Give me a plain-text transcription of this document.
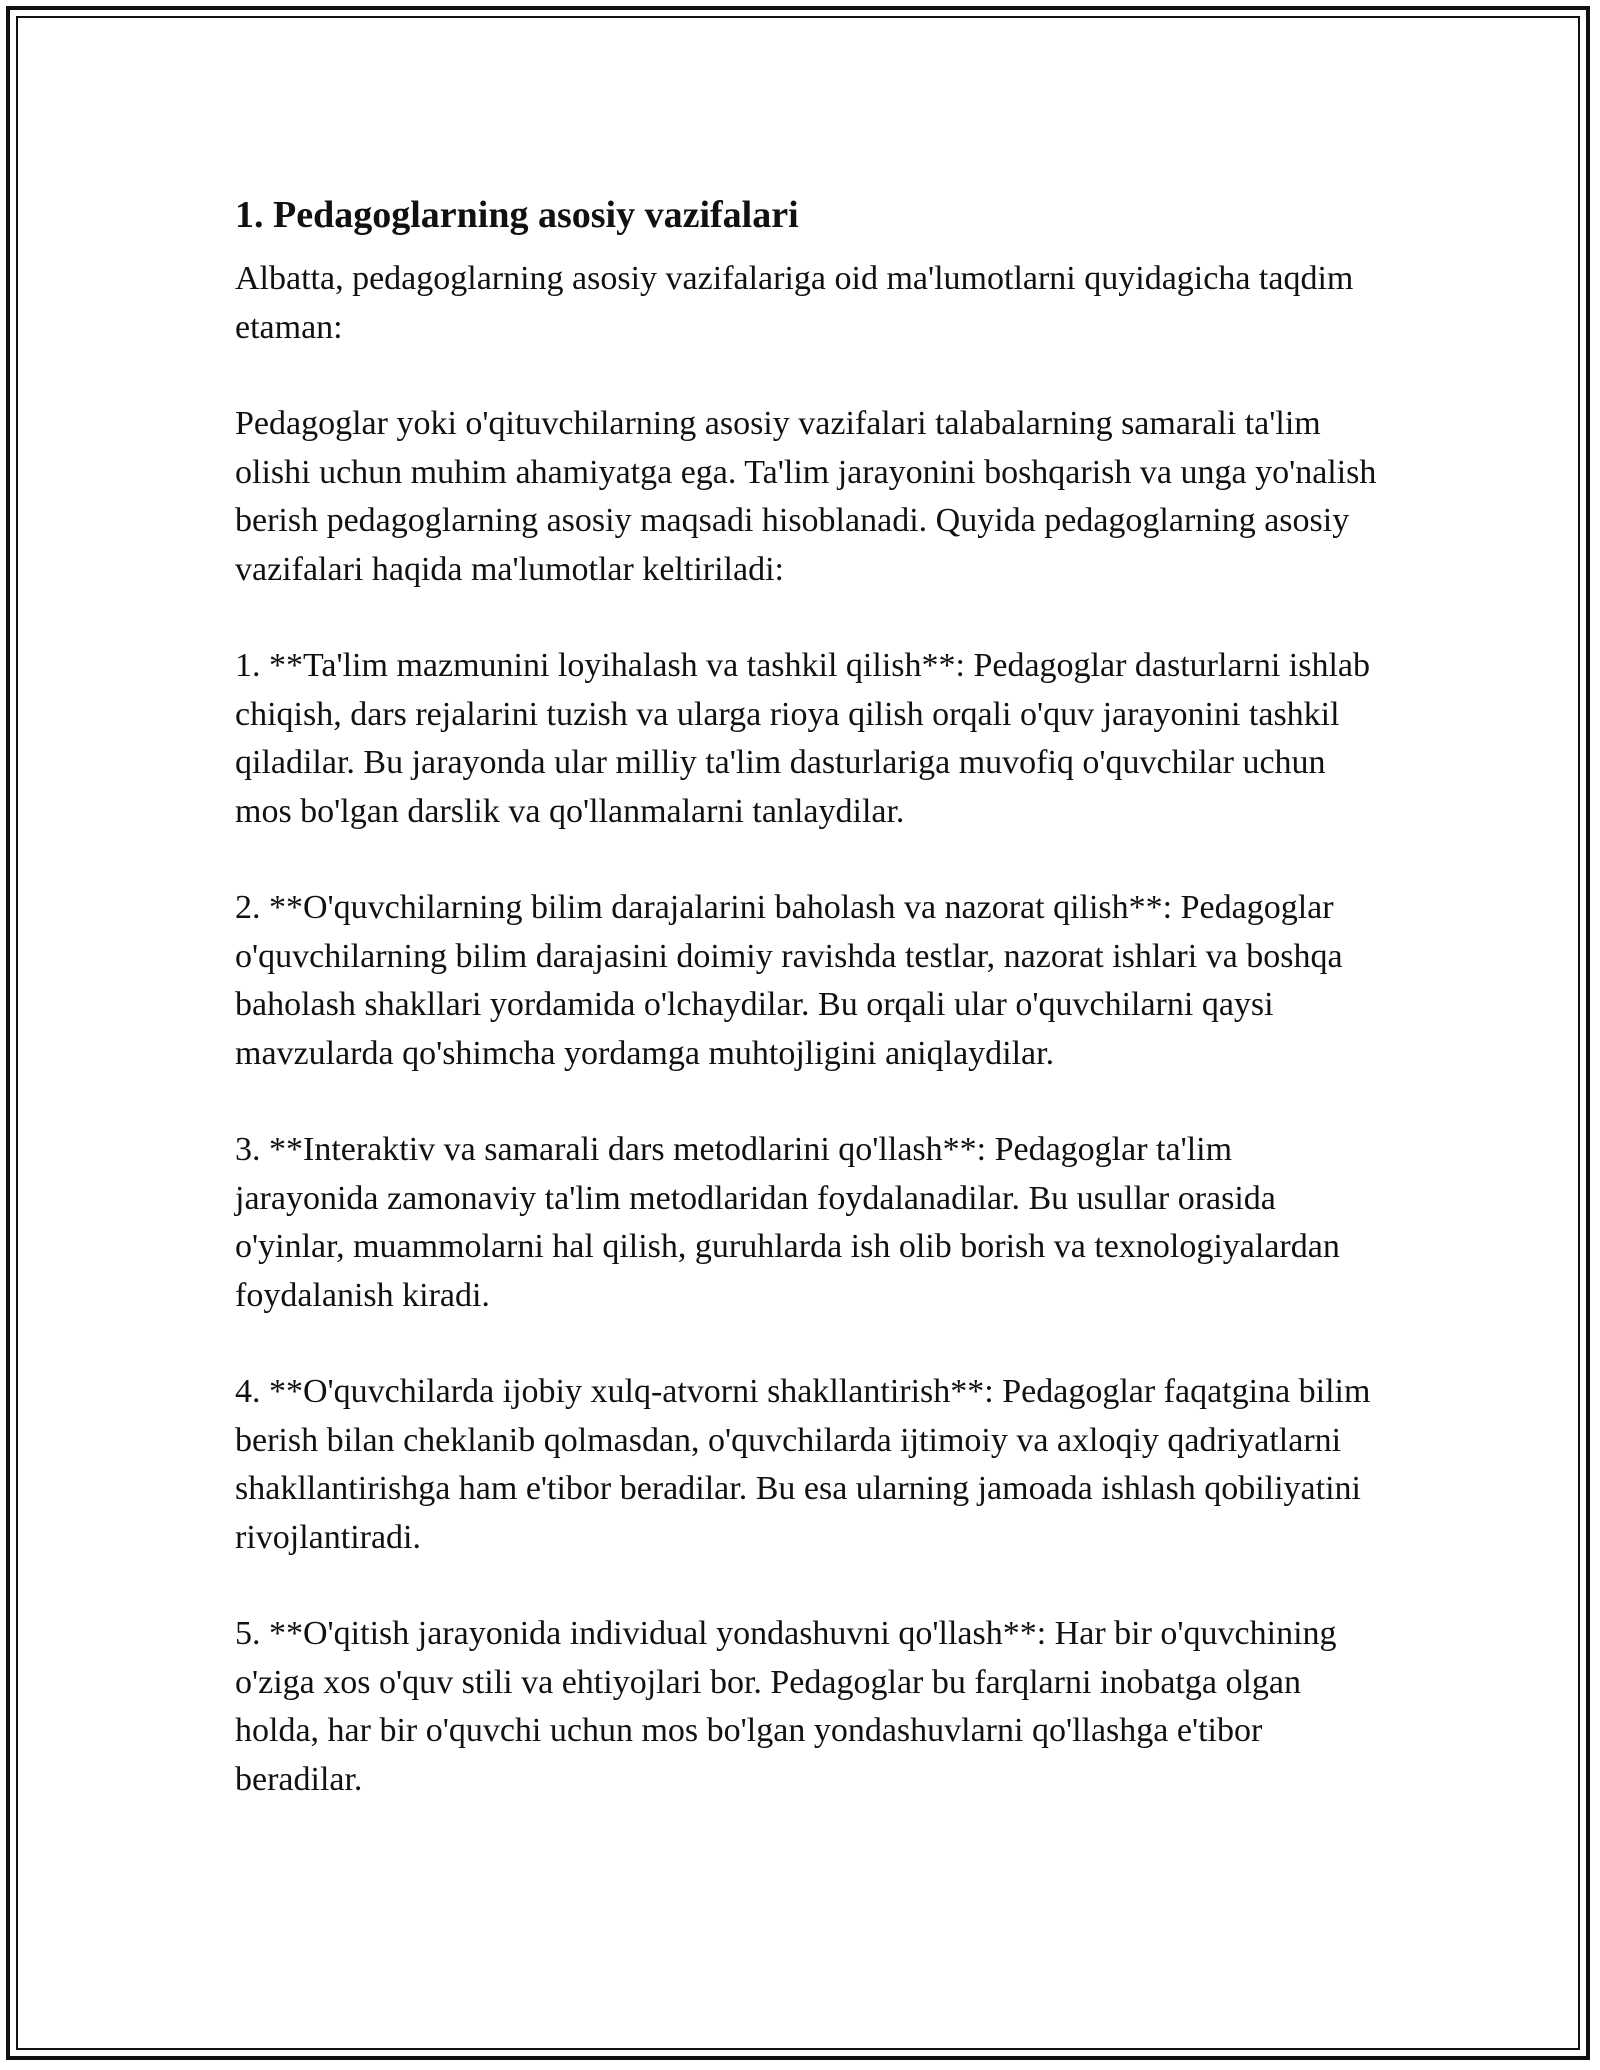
1. Pedagoglarning asosiy vazifalari

Albatta, pedagoglarning asosiy vazifalariga oid ma'lumotlarni quyidagicha taqdim etaman:

Pedagoglar yoki o'qituvchilarning asosiy vazifalari talabalarning samarali ta'lim olishi uchun muhim ahamiyatga ega. Ta'lim jarayonini boshqarish va unga yo'nalish berish pedagoglarning asosiy maqsadi hisoblanadi. Quyida pedagoglarning asosiy vazifalari haqida ma'lumotlar keltiriladi:

1. **Ta'lim mazmunini loyihalash va tashkil qilish**: Pedagoglar dasturlarni ishlab chiqish, dars rejalarini tuzish va ularga rioya qilish orqali o'quv jarayonini tashkil qiladilar. Bu jarayonda ular milliy ta'lim dasturlariga muvofiq o'quvchilar uchun mos bo'lgan darslik va qo'llanmalarni tanlaydilar.

2. **O'quvchilarning bilim darajalarini baholash va nazorat qilish**: Pedagoglar o'quvchilarning bilim darajasini doimiy ravishda testlar, nazorat ishlari va boshqa baholash shakllari yordamida o'lchaydilar. Bu orqali ular o'quvchilarni qaysi mavzularda qo'shimcha yordamga muhtojligini aniqlaydilar.

3. **Interaktiv va samarali dars metodlarini qo'llash**: Pedagoglar ta'lim jarayonida zamonaviy ta'lim metodlaridan foydalanadilar. Bu usullar orasida o'yinlar, muammolarni hal qilish, guruhlarda ish olib borish va texnologiyalardan foydalanish kiradi.

4. **O'quvchilarda ijobiy xulq-atvorni shakllantirish**: Pedagoglar faqatgina bilim berish bilan cheklanib qolmasdan, o'quvchilarda ijtimoiy va axloqiy qadriyatlarni shakllantirishga ham e'tibor beradilar. Bu esa ularning jamoada ishlash qobiliyatini rivojlantiradi.

5. **O'qitish jarayonida individual yondashuvni qo'llash**: Har bir o'quvchining o'ziga xos o'quv stili va ehtiyojlari bor. Pedagoglar bu farqlarni inobatga olgan holda, har bir o'quvchi uchun mos bo'lgan yondashuvlarni qo'llashga e'tibor beradilar.
